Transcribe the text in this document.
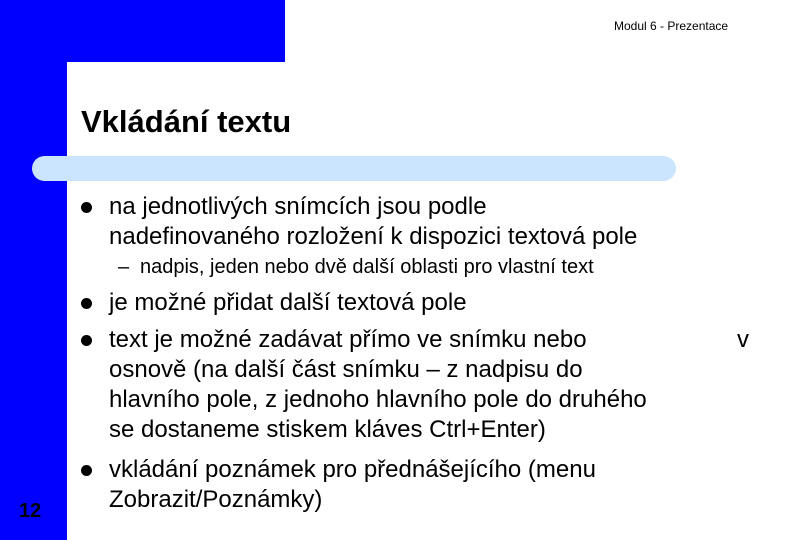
Modul 6 - Prezentace
Vkládání textu
na jednotlivých snímcích jsou podle
nadefinovaného rozložení k dispozici textová pole
– nadpis, jeden nebo dvě další oblasti pro vlastní text
je možné přidat další textová pole
text je možné zadávat přímo ve snímku nebo	v
osnově (na další část snímku – z nadpisu do
hlavního pole, z jednoho hlavního pole do druhého
se dostaneme stiskem kláves Ctrl+Enter)
vkládání poznámek pro přednášejícího (menu
Zobrazit/Poznámky)
12
